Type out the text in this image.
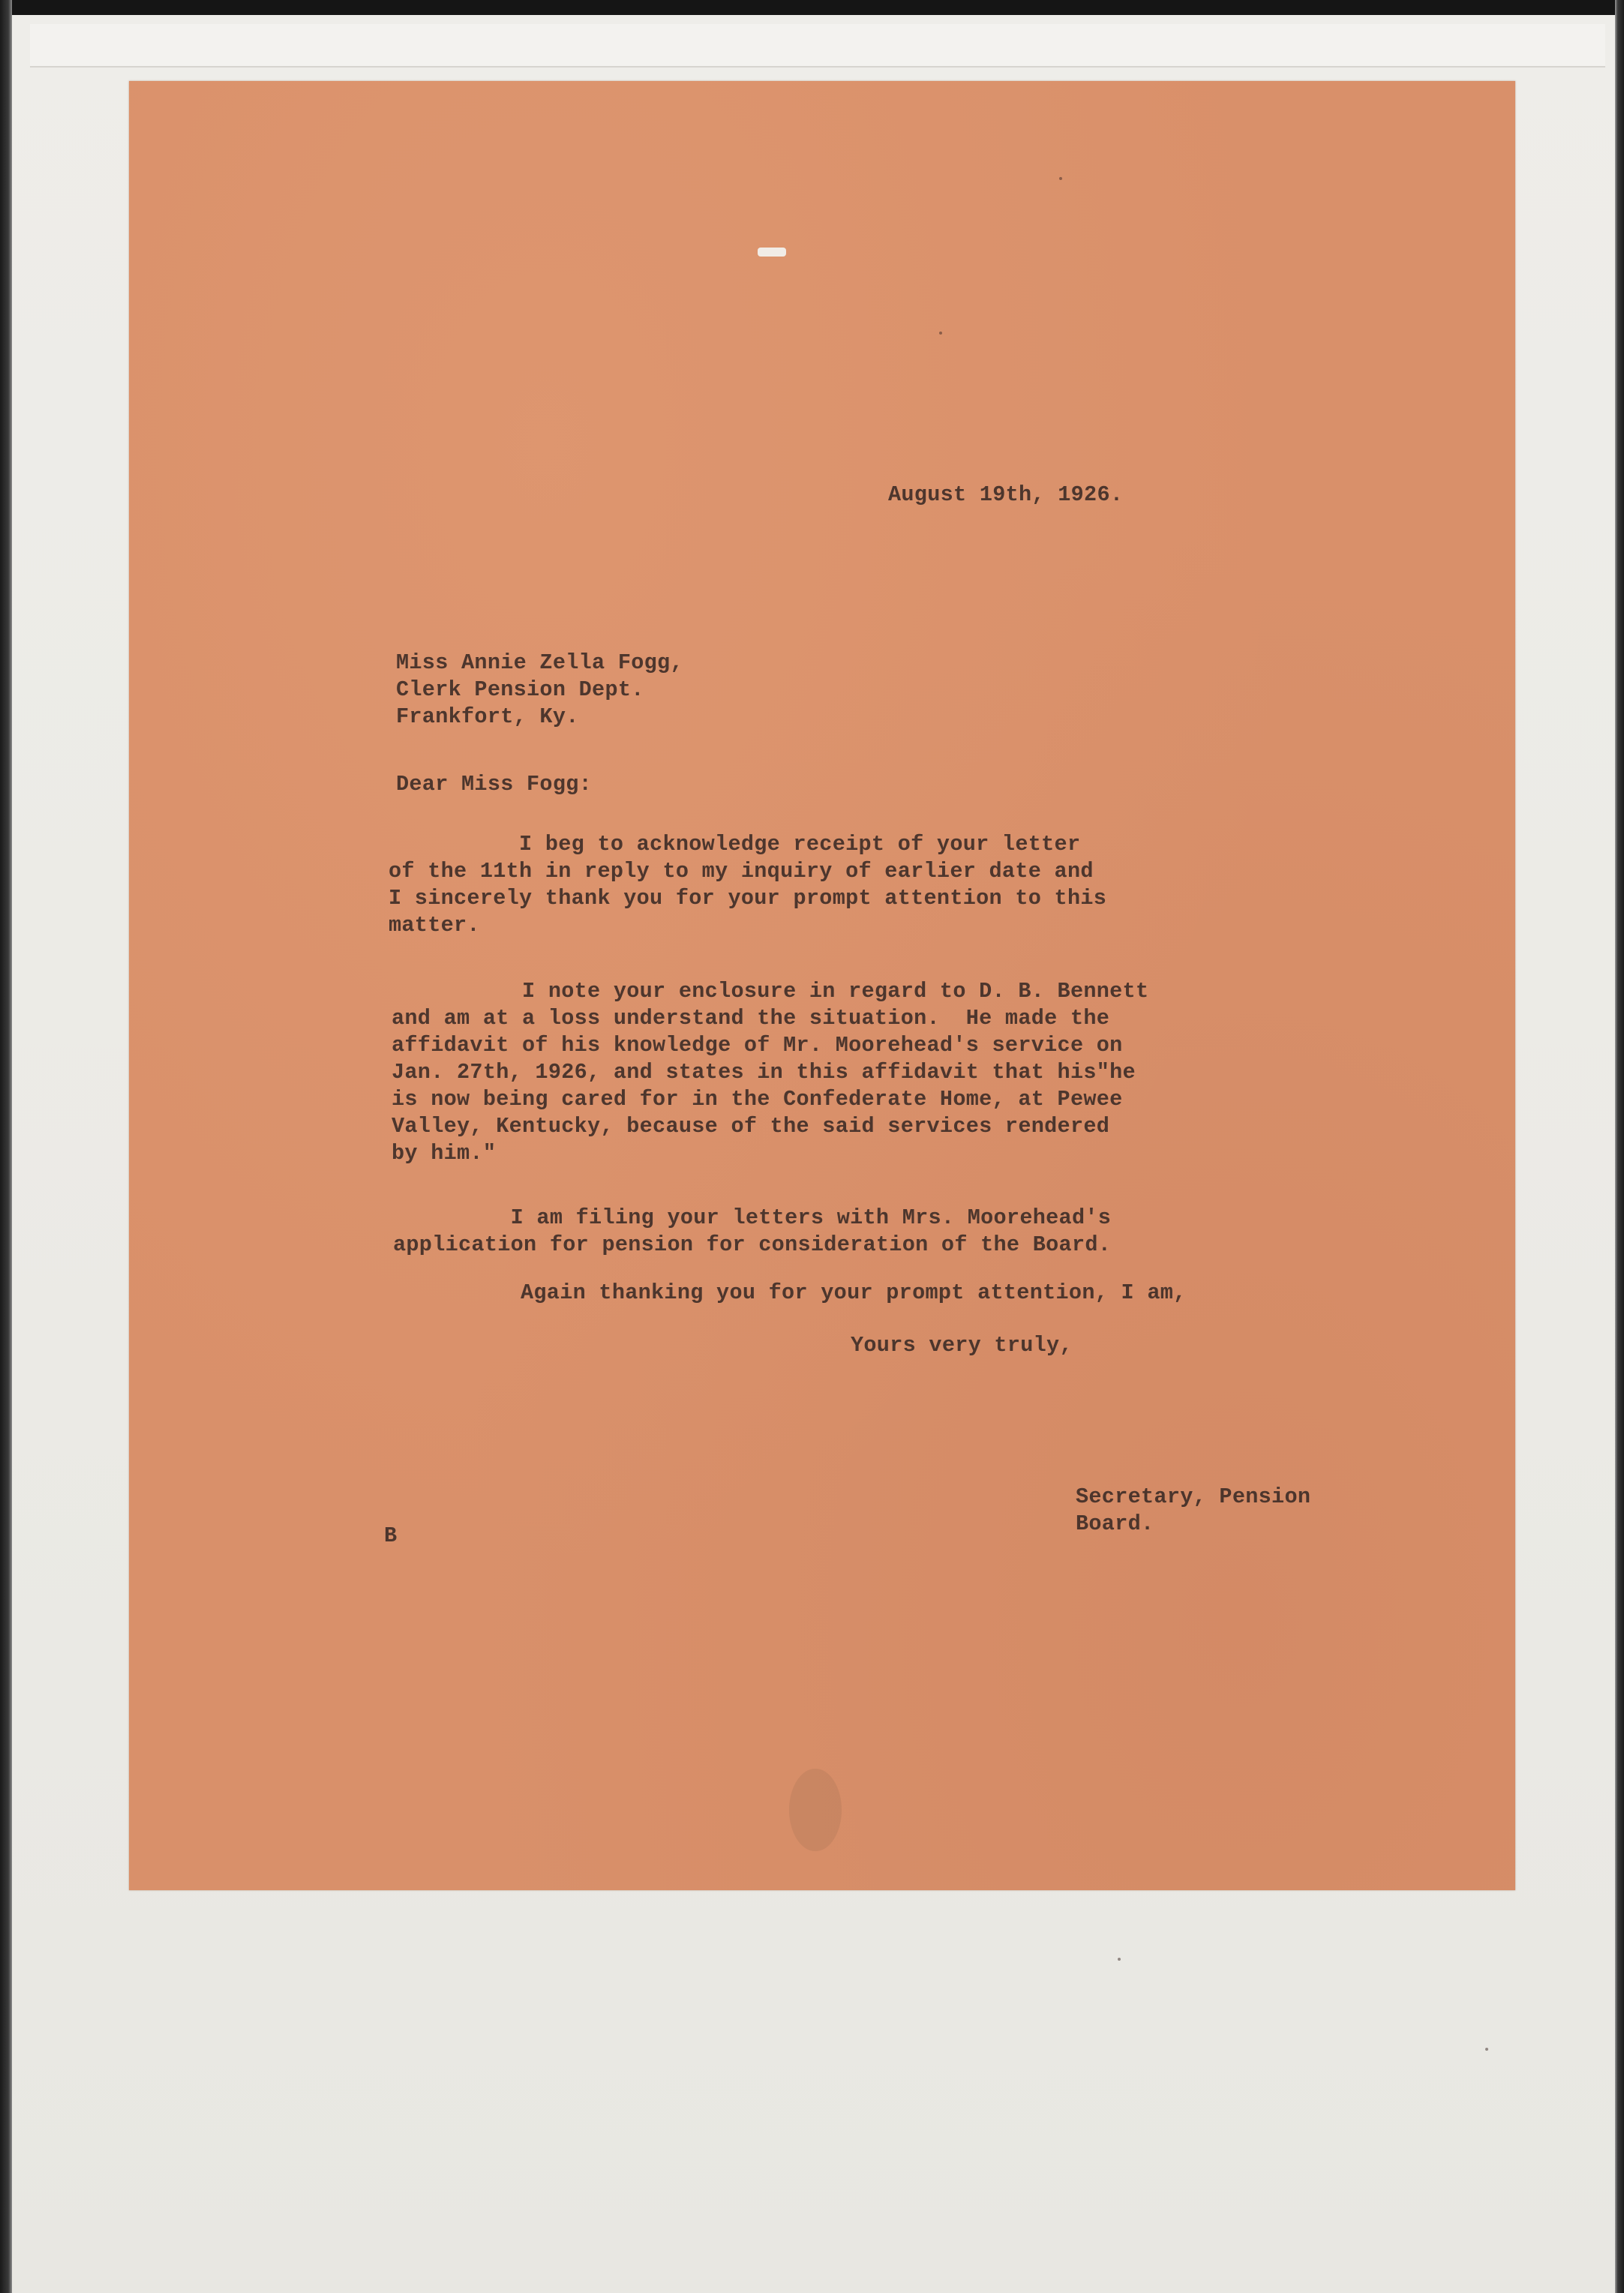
August 19th, 1926.

Miss Annie Zella Fogg,

Clerk Pension Dept.

Frankfort, Ky.

Dear Miss Fogg:

I beg to acknowledge receipt of your letter

of the 11th in reply to my inquiry of earlier date and

I sincerely thank you for your prompt attention to this

matter.

I note your enclosure in regard to D. B. Bennett

and am at a loss understand the situation.  He made the

affidavit of his knowledge of Mr. Moorehead's service on

Jan. 27th, 1926, and states in this affidavit that his"he

is now being cared for in the Confederate Home, at Pewee

Valley, Kentucky, because of the said services rendered

by him."

I am filing your letters with Mrs. Moorehead's

application for pension for consideration of the Board.

Again thanking you for your prompt attention, I am,

Yours very truly,

Secretary, Pension

Board.

B
